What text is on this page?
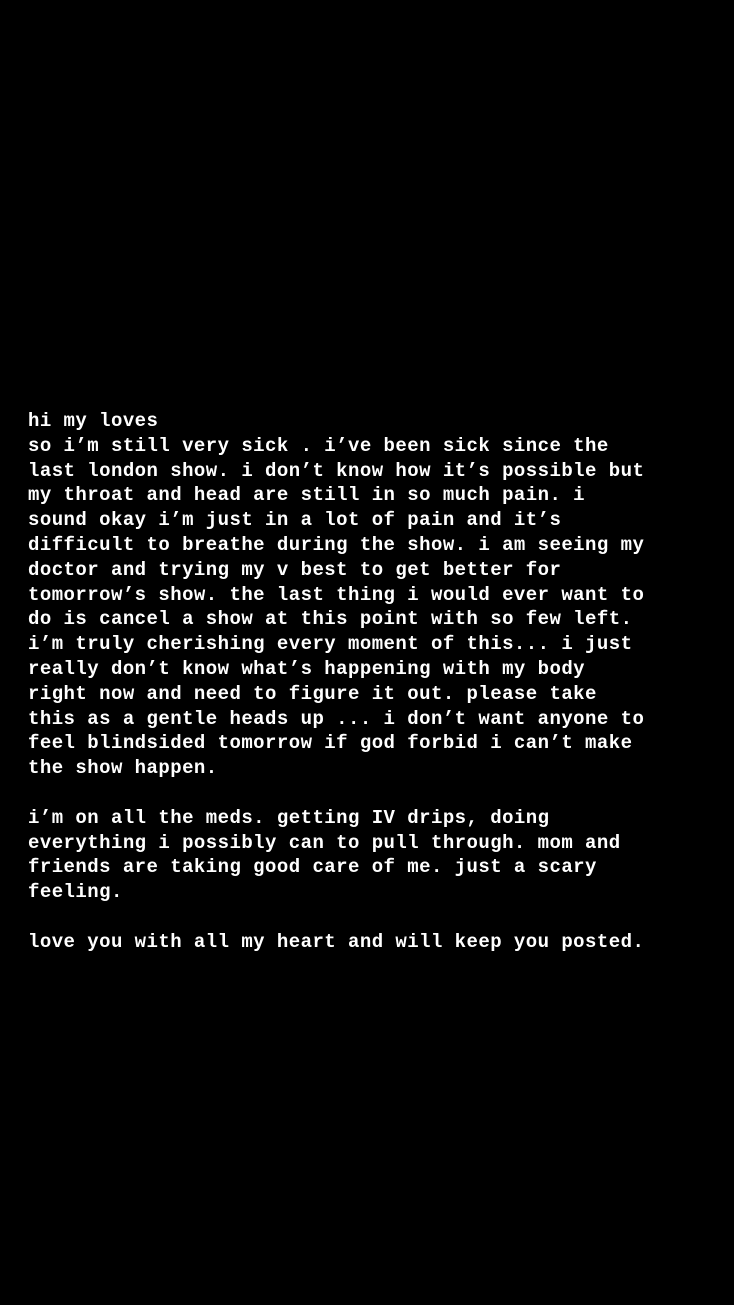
hi my loves
so i’m still very sick . i’ve been sick since the
last london show. i don’t know how it’s possible but
my throat and head are still in so much pain. i
sound okay i’m just in a lot of pain and it’s
difficult to breathe during the show. i am seeing my
doctor and trying my v best to get better for
tomorrow’s show. the last thing i would ever want to
do is cancel a show at this point with so few left.
i’m truly cherishing every moment of this... i just
really don’t know what’s happening with my body
right now and need to figure it out. please take
this as a gentle heads up ... i don’t want anyone to
feel blindsided tomorrow if god forbid i can’t make
the show happen.
i’m on all the meds. getting IV drips, doing
everything i possibly can to pull through. mom and
friends are taking good care of me. just a scary
feeling.
love you with all my heart and will keep you posted.
